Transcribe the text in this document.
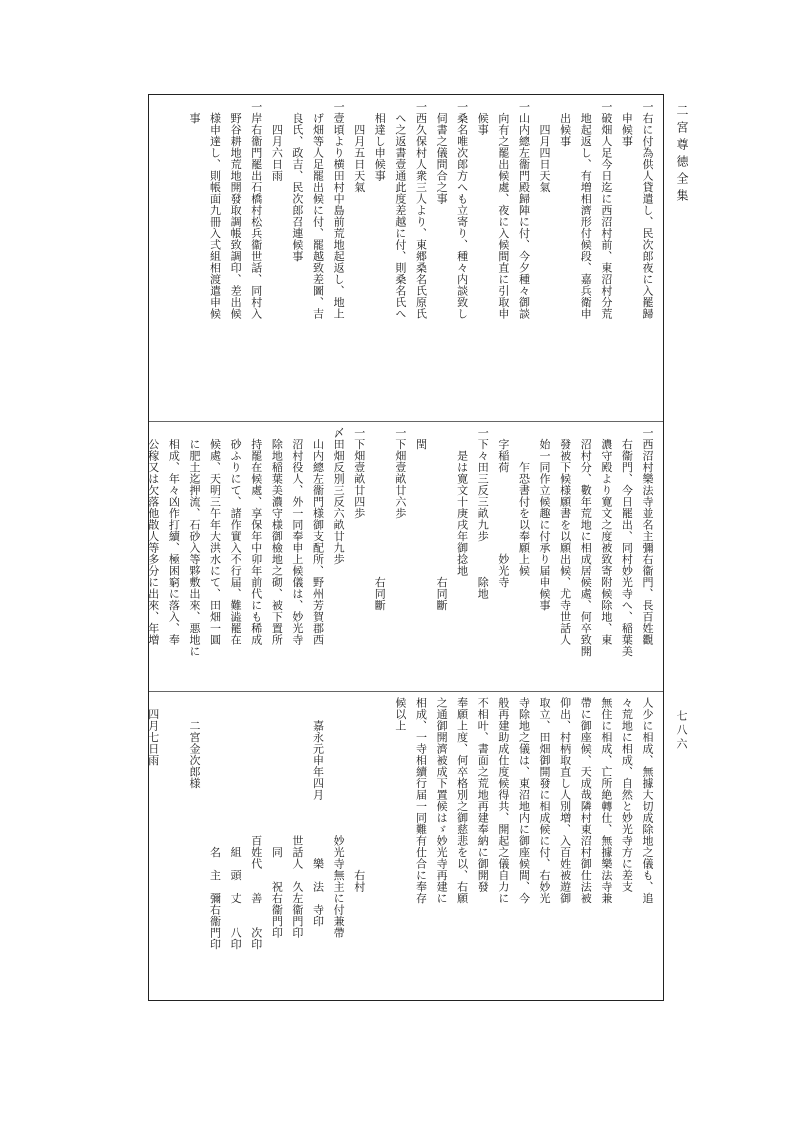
二宮尊徳全集
七八六
一右に付為供人貸遣し、民次郎夜に入罷歸
　申候事
一破畑人足今日迄に西沼村前、東沼村分荒
　地起返し、有増相濟形付候段、嘉兵衛申
　出候事
　　四月四日天氣
一山内總左衞門殿歸陣に付、今夕種々御談
　向有之罷出候處、夜に入候間直に引取申
　候事
一桑名唯次郎方へも立寄り、種々内談致し
　伺書之儀問合之事
一西久保村人衆三人より、東郷桑名氏原氏
　へ之返書壹通此度差越に付、則桑名氏へ
　相達し申候事
　　四月五日天氣
一壹頃より横田村中島前荒地起返し、地上
　げ畑等人足罷出候に付、罷越致差圖、吉
　良氏、政吉、民次郎召連候事
　　四月六日雨
一岸右衞門罷出石橋村松兵衞世話、同村入
　野谷耕地荒地開發取調帳致調印、差出候
　様申達し、則帳面九冊入弍組相渡遣申候
　事
一西沼村樂法寺並名主彌右衞門、長百姓觀
　右衞門、今日罷出、同村妙光寺へ、稲葉美
　濃守殿より寛文之度被致寄附候除地、東
　沼村分、數年荒地に相成居候處、何卒致開
　發被下候様願書を以願出候、尤寺世話人
　始一同作立候趣に付承り届申候事
　　　乍恐書付を以奉願上候
　字稲荷　　　　　　　妙光寺
一下々田三反三畝九歩　　　除地
　　是は寛文十庚戌年御捻地
　　　　　　　　　　　　　右同斷
　閏
一下畑壹畝廿六歩
　　　　　　　　　　　　　右同斷
一下畑壹畝廿四歩
〆田畑反別三反六畝廿九歩
　山内總左衞門様御支配所、野州芳賀郡西
　沼村役人、外一同奉申上候儀は、妙光寺
　除地稲葉美濃守様御檢地之砌、被下置所
　持罷在候處、享保年中卯年前代にも稀成
　砂ふりにて、諸作實入不行届、難澁罷在
　候處、天明三午年大洪水にて、田畑一圓
　に肥土迄押流、石砂入等夥敷出來、悪地に
　相成、年々凶作打續、極困窮に落入、奉
　公稼又は欠落他散人等多分に出來、年増
人少に相成、無據大切成除地之儀も、追
々荒地に相成、自然と妙光寺方に差支
無住に相成、亡所絶轉仕、無據樂法寺兼
帶に御座候、天成哉隣村東沼村御仕法被
仰出、村柄取直し人別増、入百姓被遊御
取立、田畑御開發に相成候に付、右妙光
寺除地之儀は、東沼地内に御座候間、今
般再建助成仕度候得共、開起之儀自力に
不相叶、書面之荒地再建奉納に御開發
奉願上度、何卒格別之御慈悲を以、右願
之通御開濟被成下置候はゞ妙光寺再建に
相成、一寺相續行届一同難有仕合に奉存
候以上

　　　　　　　　　　　　　　　右村
　　　　　　　　　　　　妙光寺無主に付兼帶
　　嘉永元申年四月　　　　　樂　法　寺印
　　　　　　　　　　　　世話人　久左衞門印
　　　　　　　　　　　　　同　　祝右衞門印
　　　　　　　　　　　　百姓代　　善　　次印
　　　　　　　　　　　　　組　頭　丈　　八印
　　　　　　　　　　　　　名　主　彌右衞門印
　　二宮金次郎様

　四月七日雨
